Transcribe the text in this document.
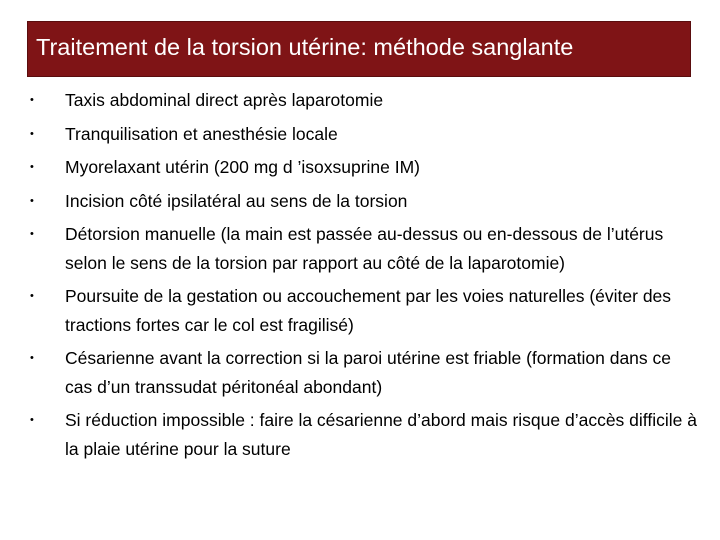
Traitement de la torsion utérine: méthode sanglante
• Taxis abdominal direct après laparotomie
• Tranquilisation et anesthésie locale
• Myorelaxant utérin (200 mg d ’isoxsuprine IM)
• Incision côté ipsilatéral au sens de la torsion
• Détorsion manuelle (la main est passée au-dessus ou en-dessous de l’utérus selon le sens de la torsion par rapport au côté de la laparotomie)
• Poursuite de la gestation ou accouchement par les voies naturelles (éviter des tractions fortes car le col est fragilisé)
• Césarienne avant la correction si la paroi utérine est friable (formation dans ce cas d’un transsudat péritonéal abondant)
• Si réduction impossible : faire la césarienne d’abord mais risque d’accès difficile à la plaie utérine pour la suture
